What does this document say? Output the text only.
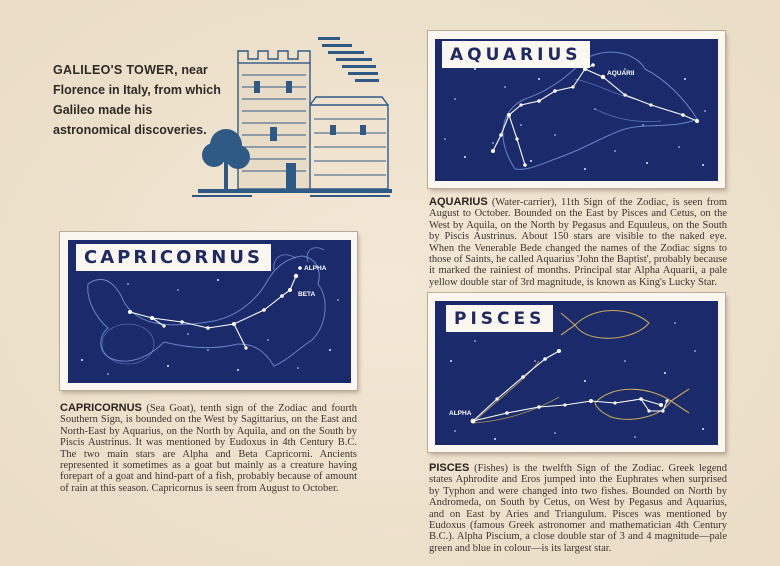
GALILEO'S TOWER, near Florence in Italy, from which Galileo made his astronomical discoveries.
AQUARII
AQUARIUS
AQUARIUS (Water-carrier), 11th Sign of the Zodiac, is seen from August to October. Bounded on the East by Pisces and Cetus, on the West by Aquila, on the North by Pegasus and Equuleus, on the South by Piscis Austrinus. About 150 stars are visible to the naked eye. When the Venerable Bede changed the names of the Zodiac signs to those of Saints, he called Aquarius 'John the Baptist', probably because it marked the rainiest of months. Principal star Alpha Aquarii, a pale yellow double star of 3rd magnitude, is known as King's Lucky Star.
ALPHA
BETA
CAPRICORNUS
CAPRICORNUS (Sea Goat), tenth sign of the Zodiac and fourth Southern Sign, is bounded on the West by Sagittarius, on the East and North-East by Aquarius, on the North by Aquila, and on the South by Piscis Austrinus. It was mentioned by Eudoxus in 4th Century B.C. The two main stars are Alpha and Beta Capricorni. Ancients represented it sometimes as a goat but mainly as a creature having forepart of a goat and hind-part of a fish, probably because of amount of rain at this season. Capricornus is seen from August to October.
ALPHA
PISCES
PISCES (Fishes) is the twelfth Sign of the Zodiac. Greek legend states Aphrodite and Eros jumped into the Euphrates when surprised by Typhon and were changed into two fishes. Bounded on North by Andromeda, on South by Cetus, on West by Pegasus and Aquarius, and on East by Aries and Triangulum. Pisces was mentioned by Eudoxus (famous Greek astronomer and mathematician 4th Century B.C.). Alpha Piscium, a close double star of 3 and 4 magnitude—pale green and blue in colour—is its largest star.
